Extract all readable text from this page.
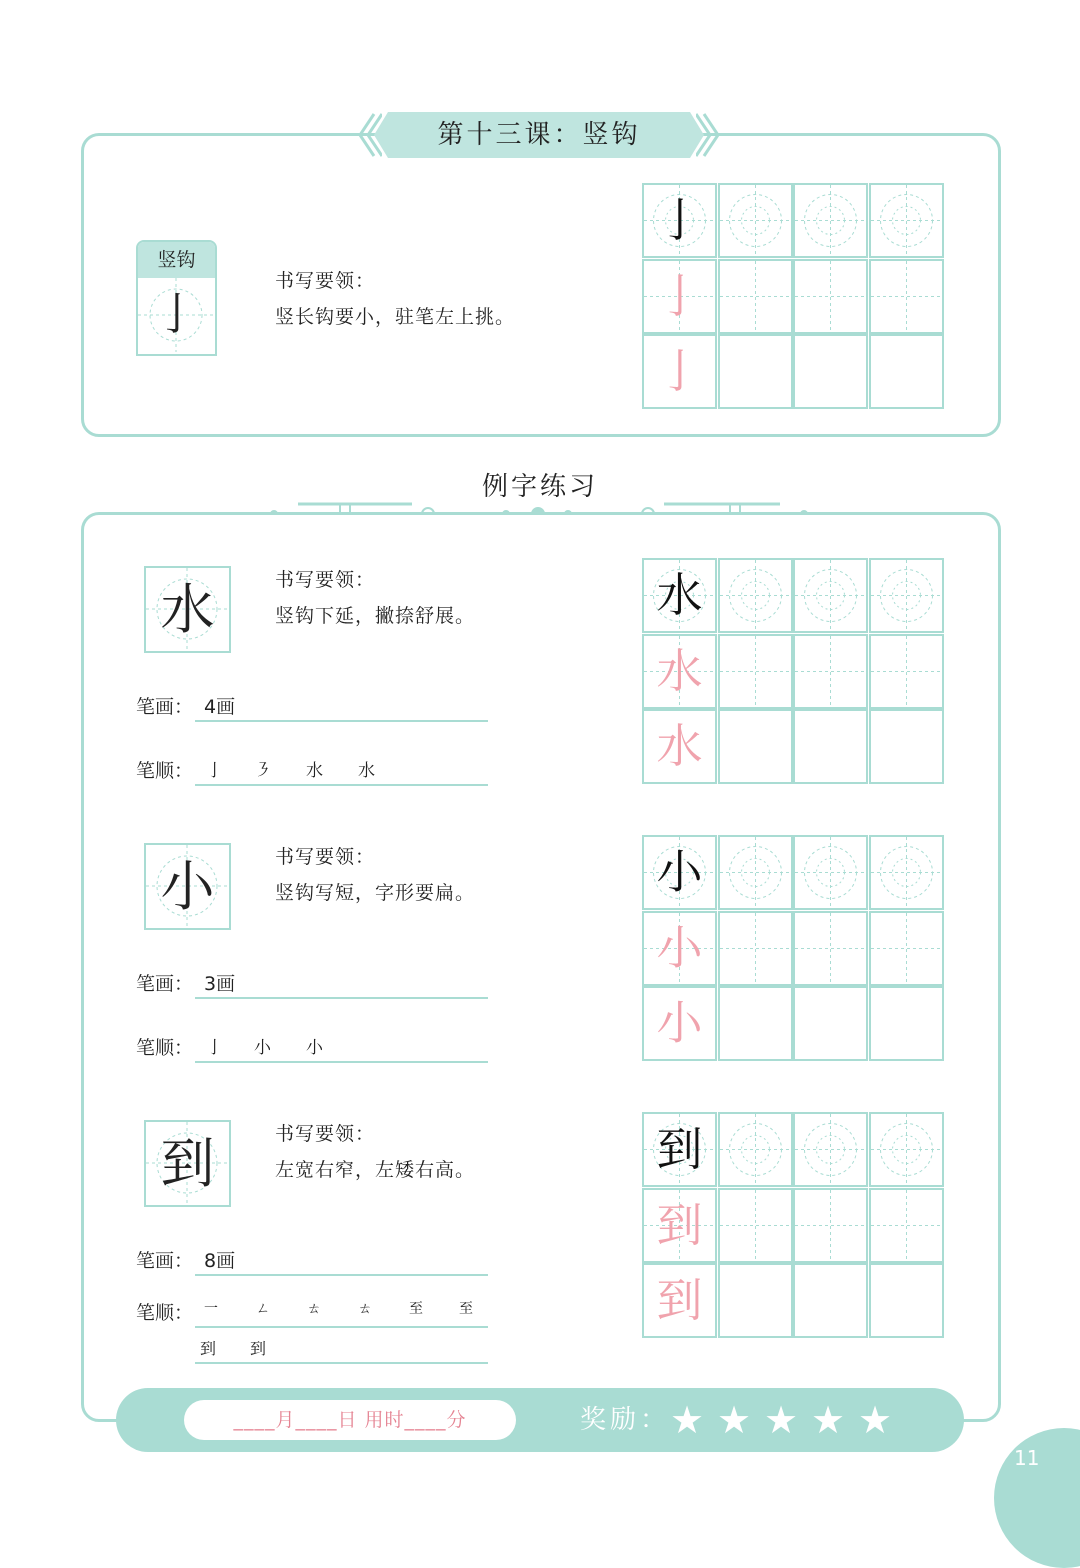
第十三课：竖钩
竖钩
亅
书写要领：
竖长钩要小，驻笔左上挑。
亅
亅
亅
例字练习
水	书写要领：
竖钩下延，撇捺舒展。
笔画： 4画
笔顺： 亅 ㇋ 水 水
水
水
水
小	书写要领：
竖钩写短，字形要扁。
笔画： 3画
笔顺： 亅 小 小
小
小
小
到	书写要领：
左宽右窄，左矮右高。
笔画： 8画
笔顺： 一	ㄥ	ㄊ	ㄊ	至	至
到 到
到
到
到
____月____日 用时____分	奖励： ★ ★ ★ ★ ★
11
